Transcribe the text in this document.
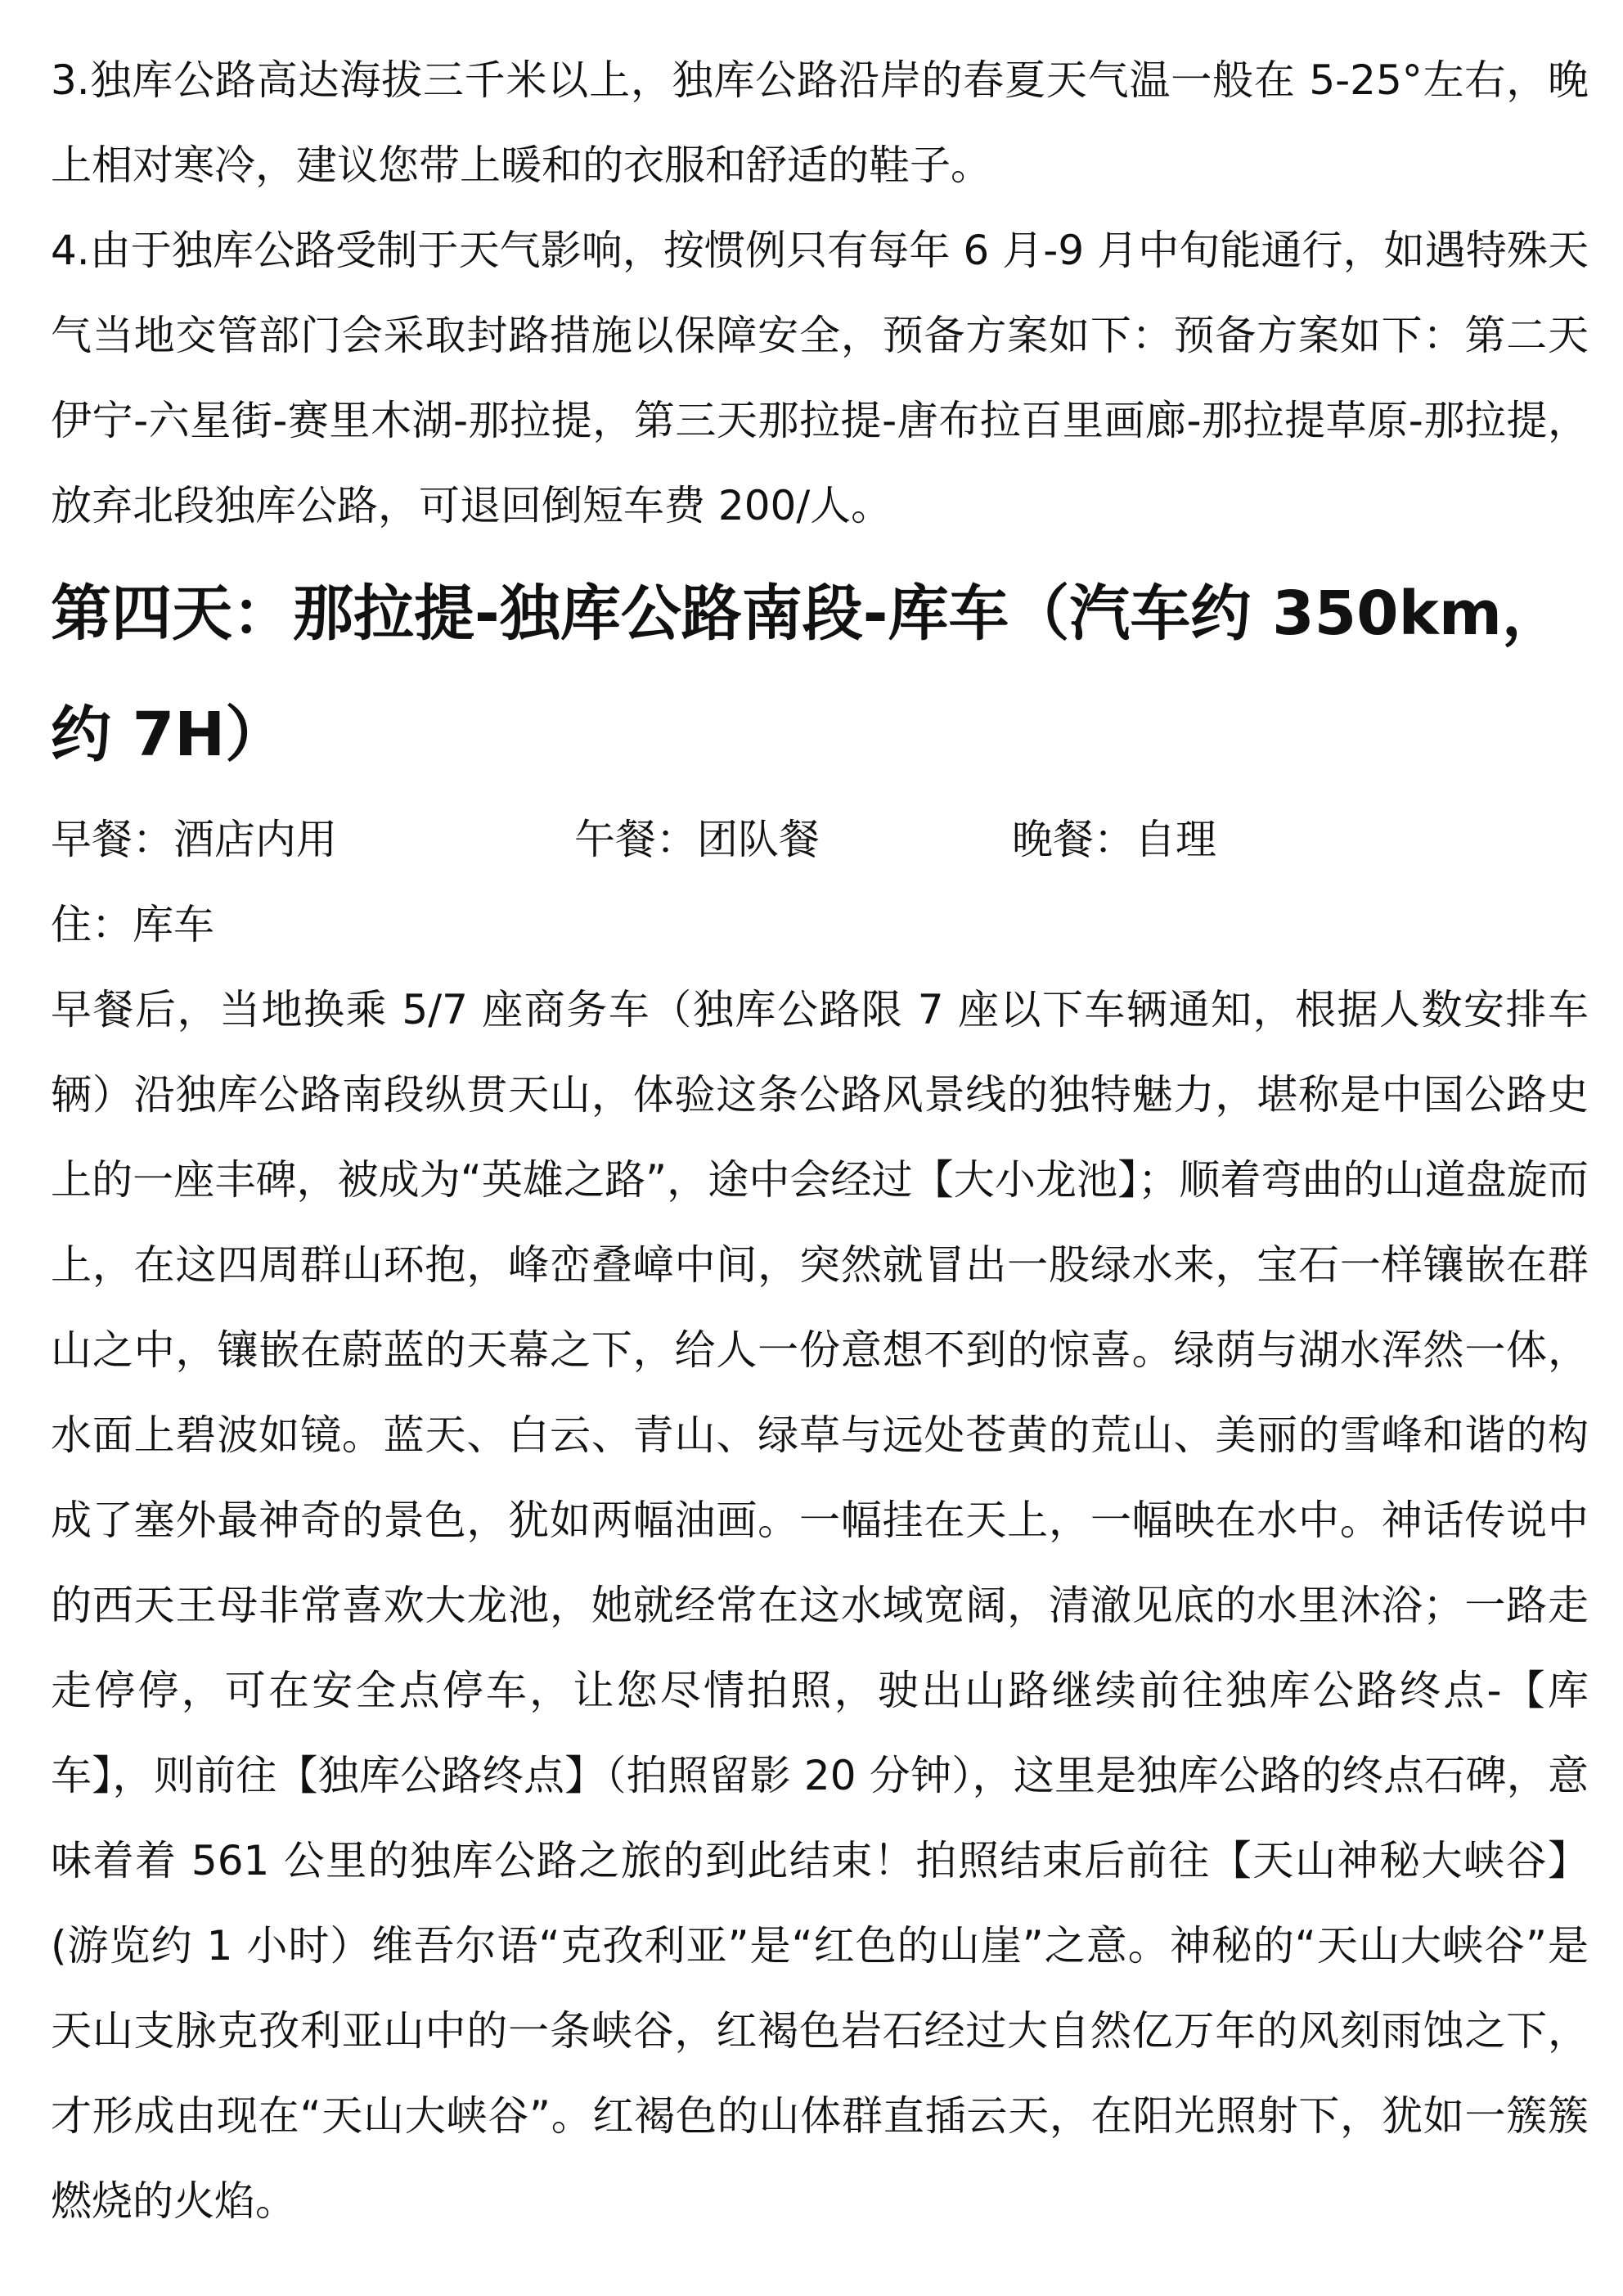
3.独库公路高达海拔三千米以上，独库公路沿岸的春夏天气温一般在 5-25°左右，晚上相对寒冷，建议您带上暖和的衣服和舒适的鞋子。

4.由于独库公路受制于天气影响，按惯例只有每年 6 月-9 月中旬能通行，如遇特殊天气当地交管部门会采取封路措施以保障安全，预备方案如下：预备方案如下：第二天伊宁-六星街-赛里木湖-那拉提，第三天那拉提-唐布拉百里画廊-那拉提草原-那拉提，放弃北段独库公路，可退回倒短车费 200/人。

第四天：那拉提-独库公路南段-库车（汽车约 350km，约 7H）
早餐：酒店内用	午餐：团队餐	晚餐：自理

住：库车

早餐后，当地换乘 5/7 座商务车（独库公路限 7 座以下车辆通知，根据人数安排车辆）沿独库公路南段纵贯天山，体验这条公路风景线的独特魅力，堪称是中国公路史上的一座丰碑，被成为“英雄之路”，途中会经过【大小龙池】；顺着弯曲的山道盘旋而上，在这四周群山环抱，峰峦叠嶂中间，突然就冒出一股绿水来，宝石一样镶嵌在群山之中，镶嵌在蔚蓝的天幕之下，给人一份意想不到的惊喜。绿荫与湖水浑然一体，水面上碧波如镜。蓝天、白云、青山、绿草与远处苍黄的荒山、美丽的雪峰和谐的构成了塞外最神奇的景色，犹如两幅油画。一幅挂在天上，一幅映在水中。神话传说中的西天王母非常喜欢大龙池，她就经常在这水域宽阔，清澈见底的水里沐浴；一路走走停停，可在安全点停车，让您尽情拍照，驶出山路继续前往独库公路终点-【库车】，则前往【独库公路终点】（拍照留影 20 分钟），这里是独库公路的终点石碑，意味着着 561 公里的独库公路之旅的到此结束！拍照结束后前往【天山神秘大峡谷】(游览约 1 小时）维吾尔语“克孜利亚”是“红色的山崖”之意。神秘的“天山大峡谷”是天山支脉克孜利亚山中的一条峡谷，红褐色岩石经过大自然亿万年的风刻雨蚀之下，才形成由现在“天山大峡谷”。红褐色的山体群直插云天，在阳光照射下，犹如一簇簇燃烧的火焰。
